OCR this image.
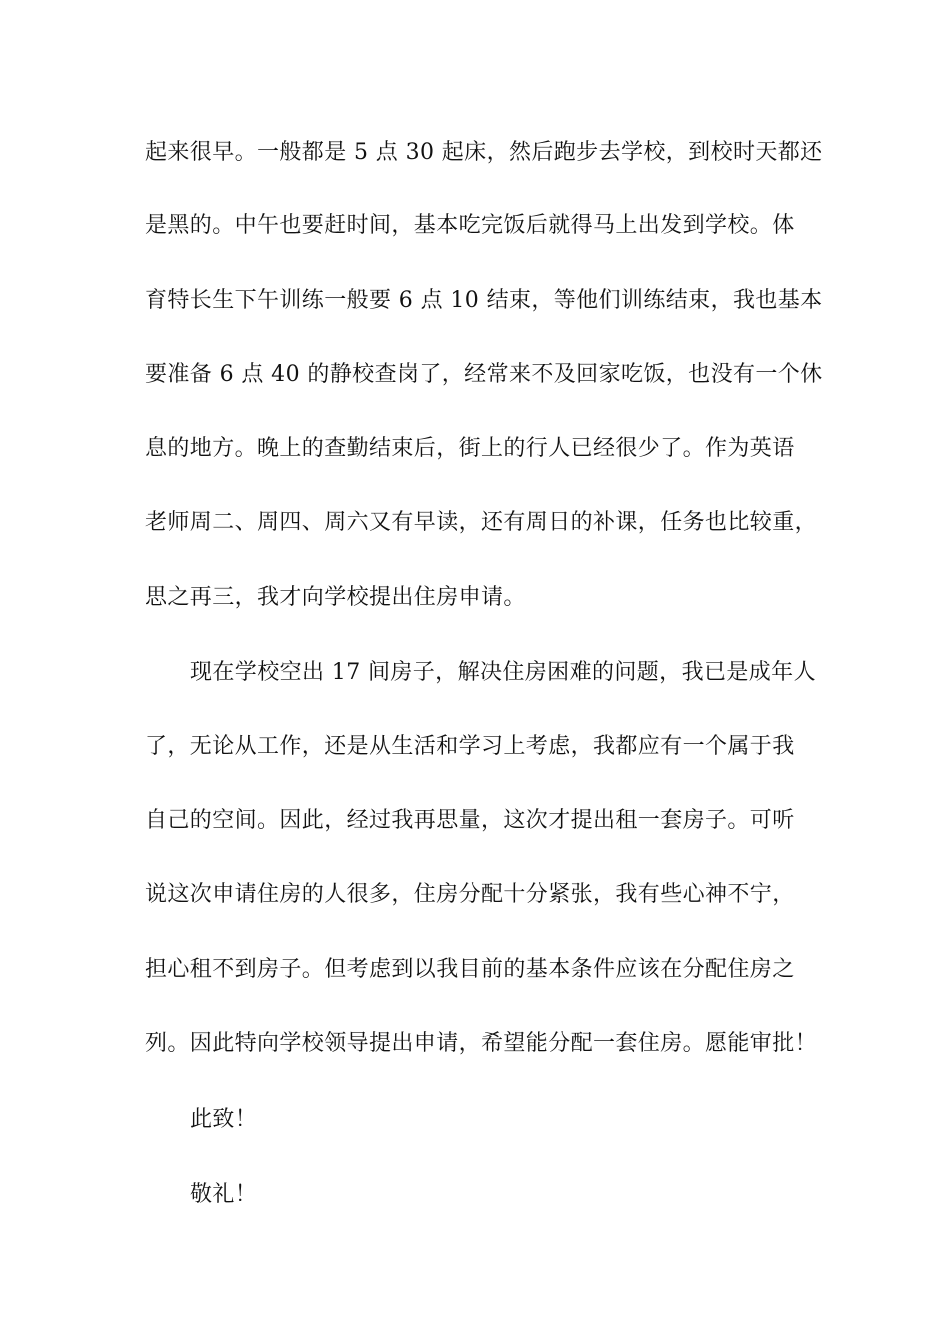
起来很早。一般都是 5 点 30 起床，然后跑步去学校，到校时天都还
是黑的。中午也要赶时间，基本吃完饭后就得马上出发到学校。体
育特长生下午训练一般要 6 点 10 结束，等他们训练结束，我也基本
要准备 6 点 40 的静校查岗了，经常来不及回家吃饭，也没有一个休
息的地方。晚上的查勤结束后，街上的行人已经很少了。作为英语
老师周二、周四、周六又有早读，还有周日的补课，任务也比较重，
思之再三，我才向学校提出住房申请。
现在学校空出 17 间房子，解决住房困难的问题，我已是成年人
了，无论从工作，还是从生活和学习上考虑，我都应有一个属于我
自己的空间。因此，经过我再思量，这次才提出租一套房子。可听
说这次申请住房的人很多，住房分配十分紧张，我有些心神不宁，
担心租不到房子。但考虑到以我目前的基本条件应该在分配住房之
列。因此特向学校领导提出申请，希望能分配一套住房。愿能审批！
此致！
敬礼！
